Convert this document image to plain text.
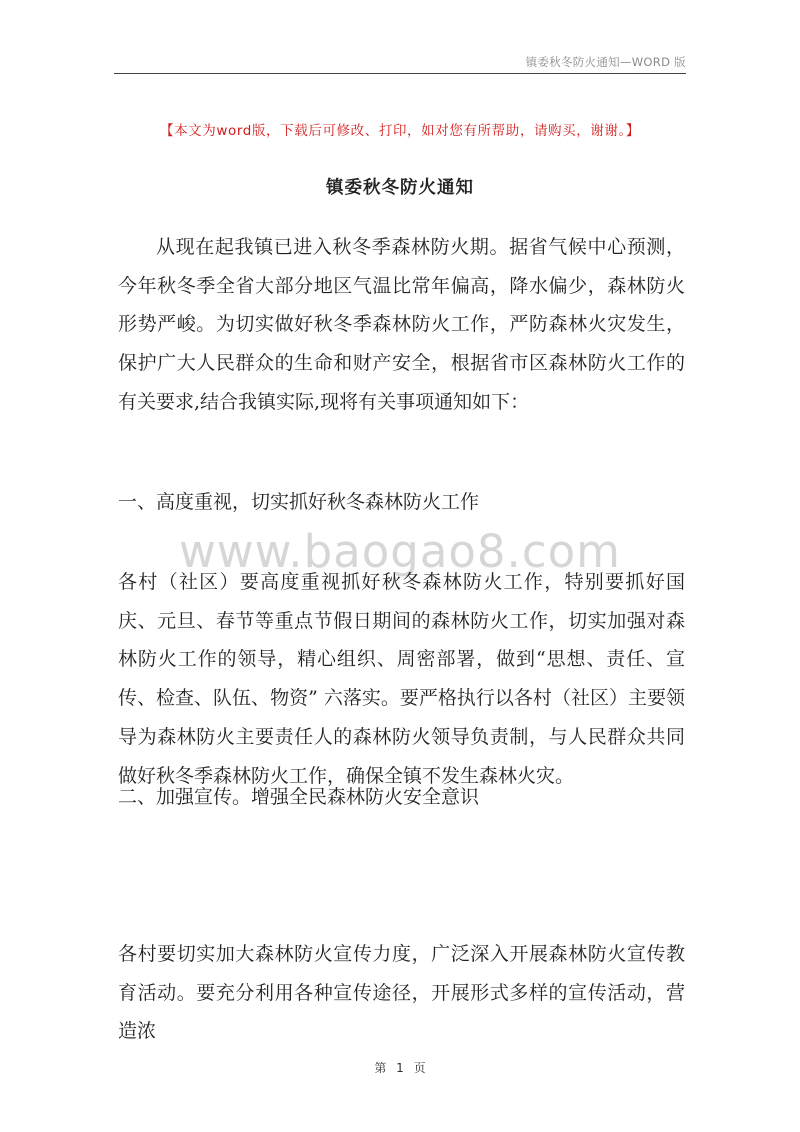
镇委秋冬防火通知—WORD 版
【本文为word版，下载后可修改、打印，如对您有所帮助，请购买，谢谢。】
镇委秋冬防火通知

从现在起我镇已进入秋冬季森林防火期。据省气候中心预测，今年秋冬季全省大部分地区气温比常年偏高，降水偏少，森林防火形势严峻。为切实做好秋冬季森林防火工作，严防森林火灾发生，保护广大人民群众的生命和财产安全，根据省市区森林防火工作的有关要求,结合我镇实际,现将有关事项通知如下：

一、高度重视，切实抓好秋冬森林防火工作

www.baogao8.com

各村（社区）要高度重视抓好秋冬森林防火工作，特别要抓好国庆、元旦、春节等重点节假日期间的森林防火工作，切实加强对森林防火工作的领导，精心组织、周密部署，做到“思想、责任、宣传、检查、队伍、物资” 六落实。要严格执行以各村（社区）主要领导为森林防火主要责任人的森林防火领导负责制，与人民群众共同做好秋冬季森林防火工作，确保全镇不发生森林火灾。

二、加强宣传。增强全民森林防火安全意识

各村要切实加大森林防火宣传力度，广泛深入开展森林防火宣传教育活动。要充分利用各种宣传途径，开展形式多样的宣传活动，营造浓

第 1 页
